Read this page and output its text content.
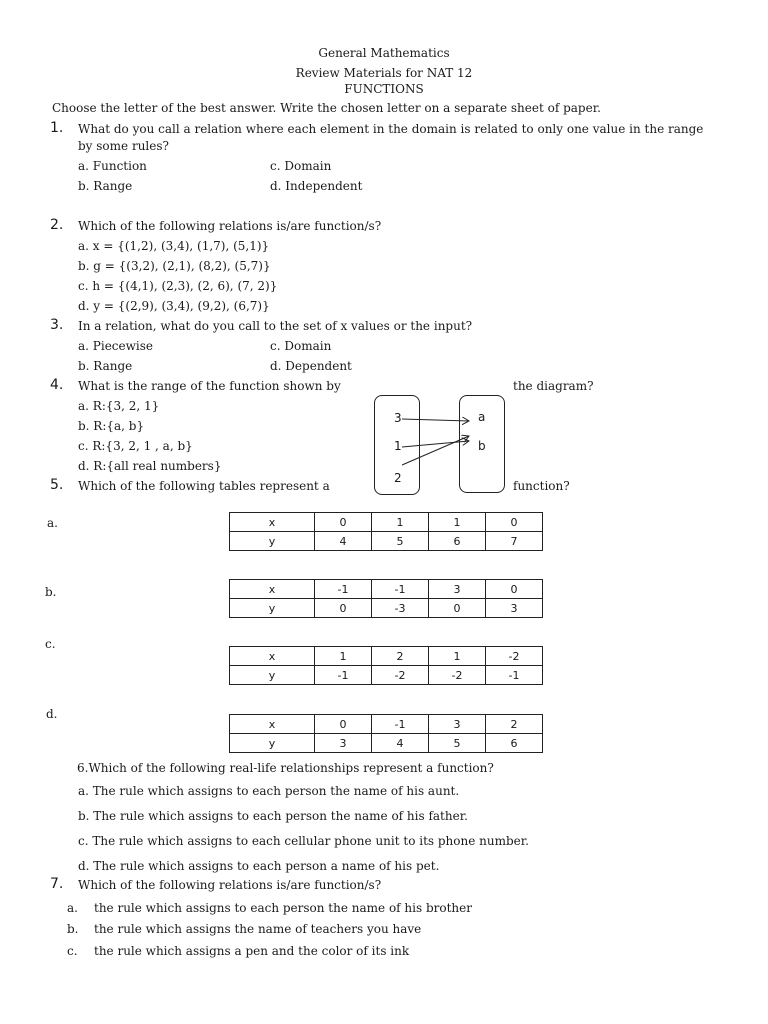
General Mathematics
Review Materials for NAT 12
FUNCTIONS
Choose the letter of the best answer. Write the chosen letter on a separate sheet of paper.
1. What do you call a relation where each element in the domain is related to only one value in the range
by some rules?
a. Function	c. Domain
b. Range	d. Independent
2. Which of the following relations is/are function/s?
a. x = {(1,2), (3,4), (1,7), (5,1)}
b. g = {(3,2), (2,1), (8,2), (5,7)}
c. h = {(4,1), (2,3), (2, 6), (7, 2)}
d. y = {(2,9), (3,4), (9,2), (6,7)}
3. In a relation, what do you call to the set of x values or the input?
a. Piecewise	c. Domain
b. Range	d. Dependent
4. What is the range of the function shown by	the diagram?
a. R:{3, 2, 1}
b. R:{a, b}
c. R:{3, 2, 1 , a, b}
d. R:{all real numbers}
3
1
2
a
b
5. Which of the following tables represent a	function?
a.	x	0	1	1	0
y	4	5	6	7
b.	x	-1	-1	3	0
y	0	-3	0	3
c.
x	1	2	1	-2
y	-1	-2	-2	-1
d.
x	0	-1	3	2
y	3	4	5	6
6.Which of the following real-life relationships represent a function?
a. The rule which assigns to each person the name of his aunt.
b. The rule which assigns to each person the name of his father.
c. The rule which assigns to each cellular phone unit to its phone number.
d. The rule which assigns to each person a name of his pet.
7. Which of the following relations is/are function/s?
a. the rule which assigns to each person the name of his brother
b. the rule which assigns the name of teachers you have
c. the rule which assigns a pen and the color of its ink
